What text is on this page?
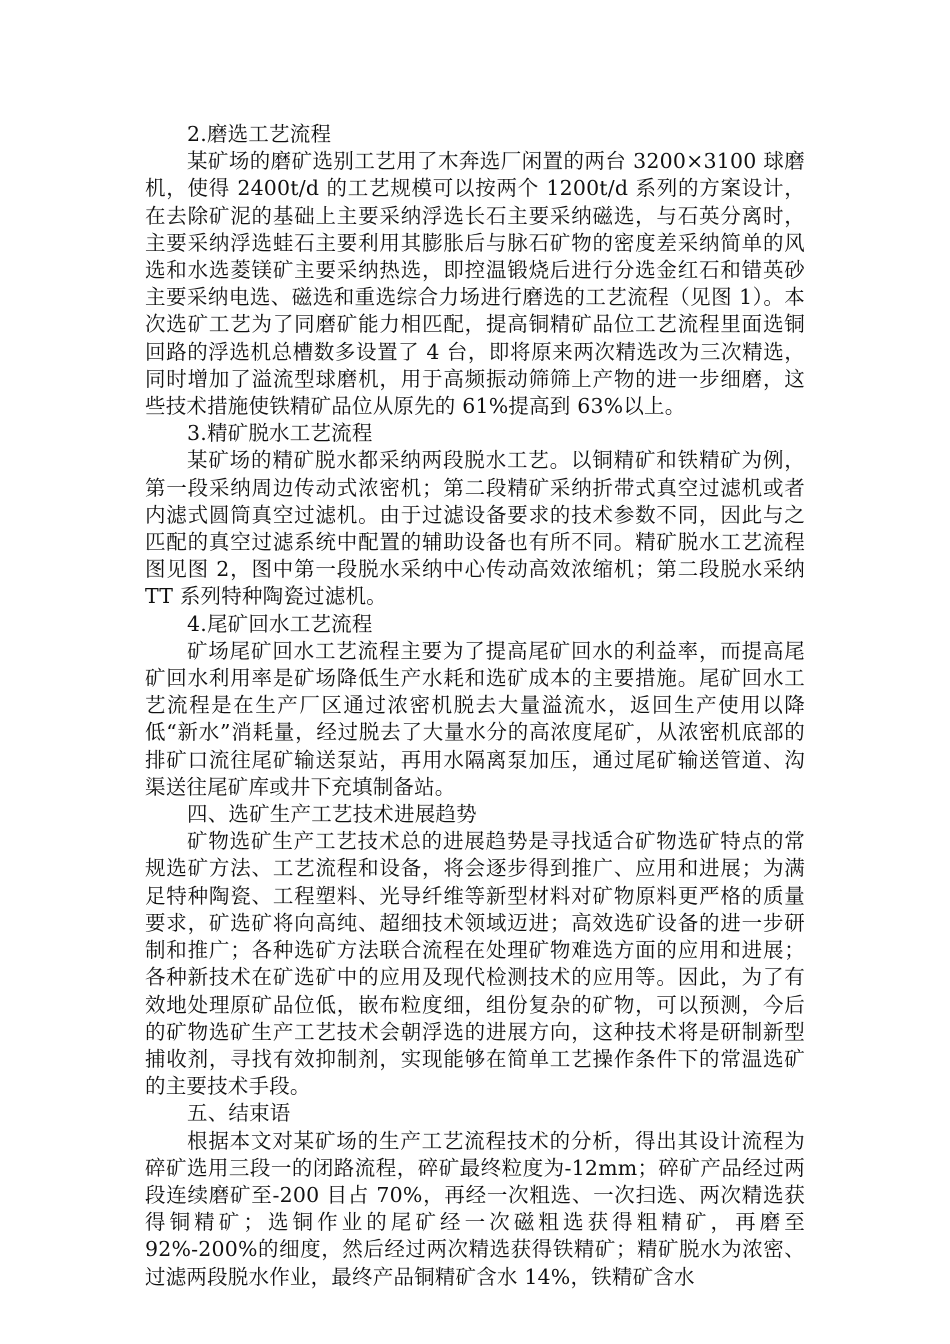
2.磨选工艺流程

某矿场的磨矿选别工艺用了木奔选厂闲置的两台 3200×3100 球磨机，使得 2400t/d 的工艺规模可以按两个 1200t/d 系列的方案设计，在去除矿泥的基础上主要采纳浮选长石主要采纳磁选，与石英分离时，主要采纳浮选蛙石主要利用其膨胀后与脉石矿物的密度差采纳简单的风选和水选菱镁矿主要采纳热选，即控温锻烧后进行分选金红石和错英砂主要采纳电选、磁选和重选综合力场进行磨选的工艺流程（见图 1）。本次选矿工艺为了同磨矿能力相匹配，提高铜精矿品位工艺流程里面选铜回路的浮选机总槽数多设置了 4 台，即将原来两次精选改为三次精选，同时增加了溢流型球磨机，用于高频振动筛筛上产物的进一步细磨，这些技术措施使铁精矿品位从原先的 61%提高到 63%以上。

3.精矿脱水工艺流程

某矿场的精矿脱水都采纳两段脱水工艺。以铜精矿和铁精矿为例，第一段采纳周边传动式浓密机；第二段精矿采纳折带式真空过滤机或者内滤式圆筒真空过滤机。由于过滤设备要求的技术参数不同，因此与之匹配的真空过滤系统中配置的辅助设备也有所不同。精矿脱水工艺流程图见图 2，图中第一段脱水采纳中心传动高效浓缩机；第二段脱水采纳 TT 系列特种陶瓷过滤机。

4.尾矿回水工艺流程

矿场尾矿回水工艺流程主要为了提高尾矿回水的利益率，而提高尾矿回水利用率是矿场降低生产水耗和选矿成本的主要措施。尾矿回水工艺流程是在生产厂区通过浓密机脱去大量溢流水，返回生产使用以降低“新水”消耗量，经过脱去了大量水分的高浓度尾矿，从浓密机底部的排矿口流往尾矿输送泵站，再用水隔离泵加压，通过尾矿输送管道、沟渠送往尾矿库或井下充填制备站。

四、选矿生产工艺技术进展趋势

矿物选矿生产工艺技术总的进展趋势是寻找适合矿物选矿特点的常规选矿方法、工艺流程和设备，将会逐步得到推广、应用和进展；为满足特种陶瓷、工程塑料、光导纤维等新型材料对矿物原料更严格的质量要求，矿选矿将向高纯、超细技术领域迈进；高效选矿设备的进一步研制和推广；各种选矿方法联合流程在处理矿物难选方面的应用和进展；各种新技术在矿选矿中的应用及现代检测技术的应用等。因此，为了有效地处理原矿品位低，嵌布粒度细，组份复杂的矿物，可以预测，今后的矿物选矿生产工艺技术会朝浮选的进展方向，这种技术将是研制新型捕收剂，寻找有效抑制剂，实现能够在简单工艺操作条件下的常温选矿的主要技术手段。

五、结束语

根据本文对某矿场的生产工艺流程技术的分析，得出其设计流程为碎矿选用三段一的闭路流程，碎矿最终粒度为-12mm；碎矿产品经过两段连续磨矿至-200 目占 70%，再经一次粗选、一次扫选、两次精选获得铜精矿；选铜作业的尾矿经一次磁粗选获得粗精矿，再磨至 92%-200%的细度，然后经过两次精选获得铁精矿；精矿脱水为浓密、过滤两段脱水作业，最终产品铜精矿含水 14%，铁精矿含水
